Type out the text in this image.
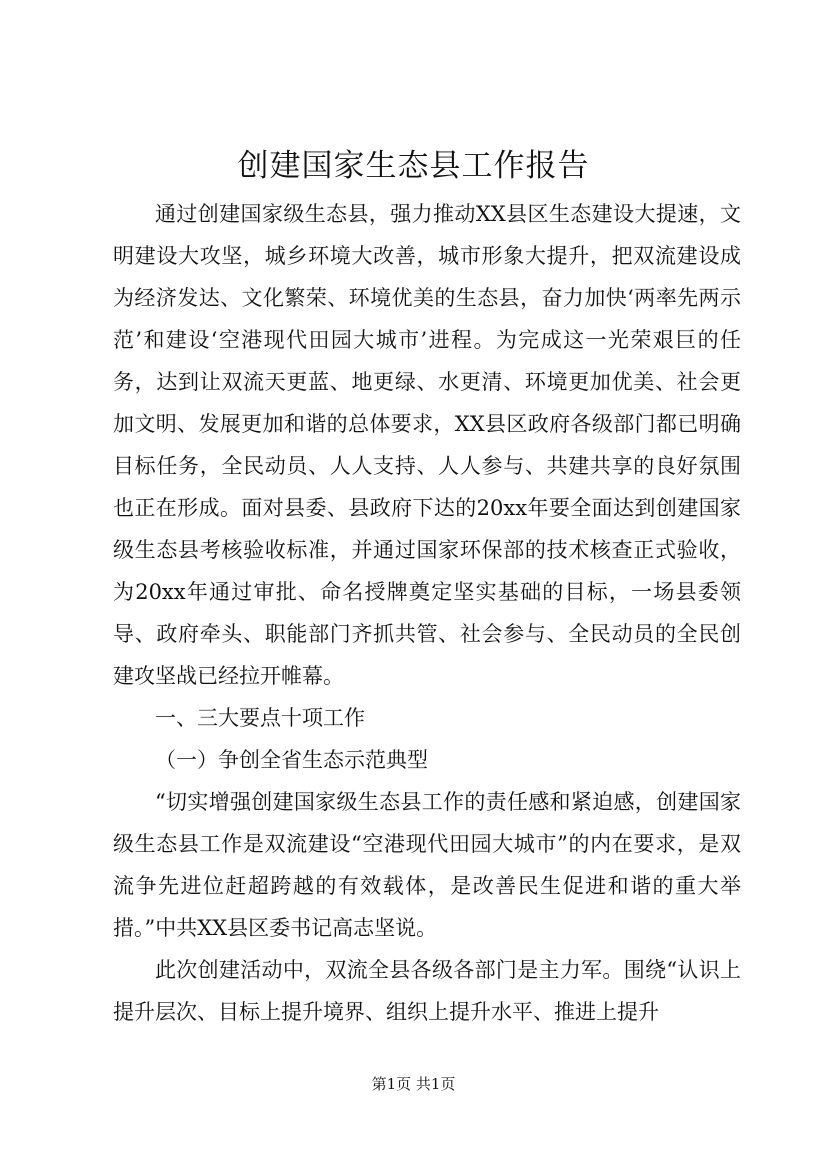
创建国家生态县工作报告

通过创建国家级生态县，强力推动XX县区生态建设大提速，文明建设大攻坚，城乡环境大改善，城市形象大提升，把双流建设成为经济发达、文化繁荣、环境优美的生态县，奋力加快‘两率先两示范’和建设‘空港现代田园大城市’进程。为完成这一光荣艰巨的任务，达到让双流天更蓝、地更绿、水更清、环境更加优美、社会更加文明、发展更加和谐的总体要求，XX县区政府各级部门都已明确目标任务，全民动员、人人支持、人人参与、共建共享的良好氛围也正在形成。面对县委、县政府下达的20xx年要全面达到创建国家级生态县考核验收标准，并通过国家环保部的技术核查正式验收，为20xx年通过审批、命名授牌奠定坚实基础的目标，一场县委领导、政府牵头、职能部门齐抓共管、社会参与、全民动员的全民创建攻坚战已经拉开帷幕。

一、三大要点十项工作

（一）争创全省生态示范典型

“切实增强创建国家级生态县工作的责任感和紧迫感，创建国家级生态县工作是双流建设“空港现代田园大城市”的内在要求，是双流争先进位赶超跨越的有效载体，是改善民生促进和谐的重大举措。”中共XX县区委书记高志坚说。

此次创建活动中，双流全县各级各部门是主力军。围绕“认识上提升层次、目标上提升境界、组织上提升水平、推进上提升

第1页 共1页
